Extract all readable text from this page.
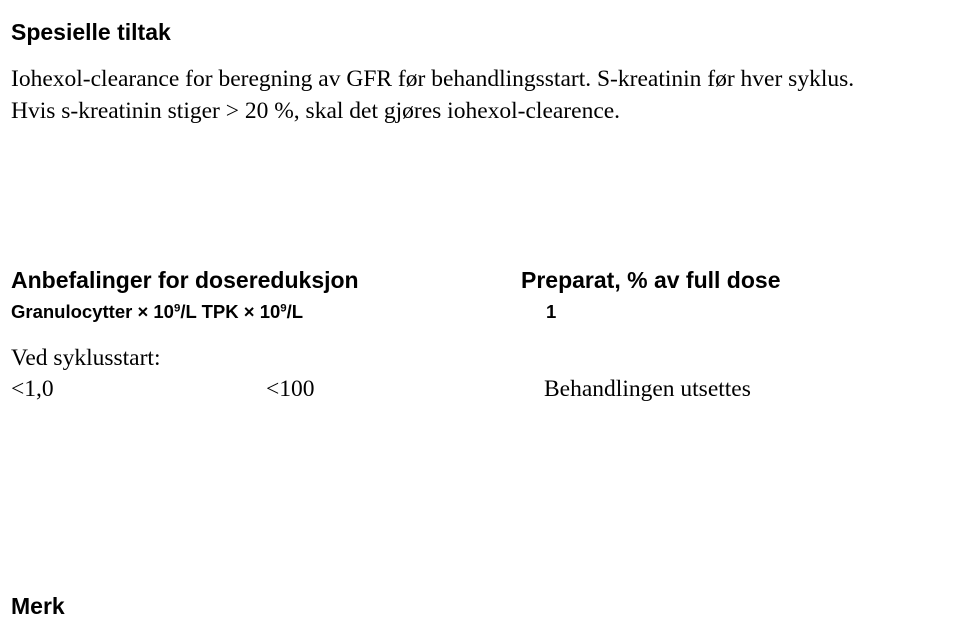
Spesielle tiltak
Iohexol-clearance for beregning av GFR før behandlingsstart. S-kreatinin før hver syklus.
Hvis s-kreatinin stiger > 20 %, skal det gjøres iohexol-clearence.
Anbefalinger for dosereduksjon	Preparat, % av full dose
Granulocytter × $10^9/L$ TPK × $10^9/L$	1
Ved syklusstart:
<1,0	<100	Behandlingen utsettes
Merk
